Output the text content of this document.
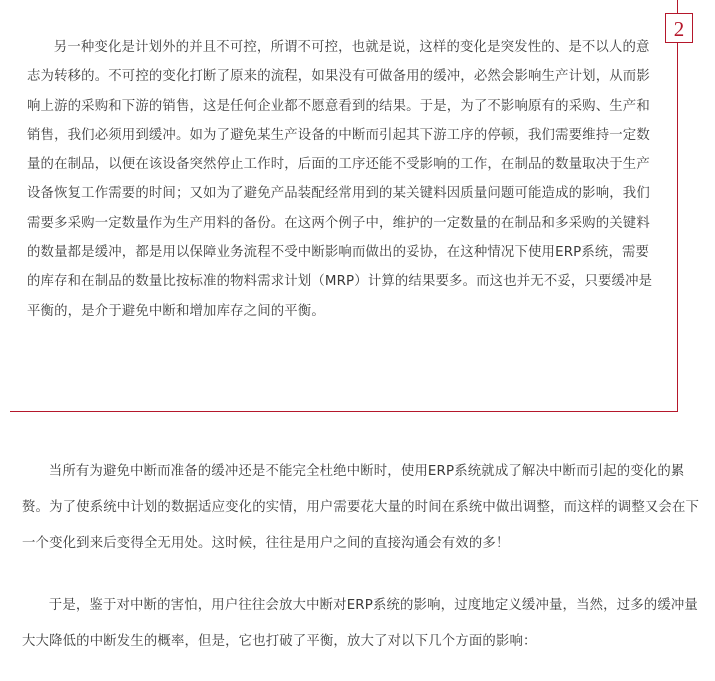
2

另一种变化是计划外的并且不可控，所谓不可控，也就是说，这样的变化是突发性的、是不以人的意志为转移的。不可控的变化打断了原来的流程，如果没有可做备用的缓冲，必然会影响生产计划，从而影响上游的采购和下游的销售，这是任何企业都不愿意看到的结果。于是，为了不影响原有的采购、生产和销售，我们必须用到缓冲。如为了避免某生产设备的中断而引起其下游工序的停顿，我们需要维持一定数量的在制品，以便在该设备突然停止工作时，后面的工序还能不受影响的工作，在制品的数量取决于生产设备恢复工作需要的时间；又如为了避免产品装配经常用到的某关键料因质量问题可能造成的影响，我们需要多采购一定数量作为生产用料的备份。在这两个例子中，维护的一定数量的在制品和多采购的关键料的数量都是缓冲，都是用以保障业务流程不受中断影响而做出的妥协，在这种情况下使用ERP系统，需要的库存和在制品的数量比按标准的物料需求计划（MRP）计算的结果要多。而这也并无不妥，只要缓冲是平衡的，是介于避免中断和增加库存之间的平衡。

当所有为避免中断而准备的缓冲还是不能完全杜绝中断时，使用ERP系统就成了解决中断而引起的变化的累赘。为了使系统中计划的数据适应变化的实情，用户需要花大量的时间在系统中做出调整，而这样的调整又会在下一个变化到来后变得全无用处。这时候，往往是用户之间的直接沟通会有效的多！

于是，鉴于对中断的害怕，用户往往会放大中断对ERP系统的影响，过度地定义缓冲量，当然，过多的缓冲量大大降低的中断发生的概率，但是，它也打破了平衡，放大了对以下几个方面的影响：
